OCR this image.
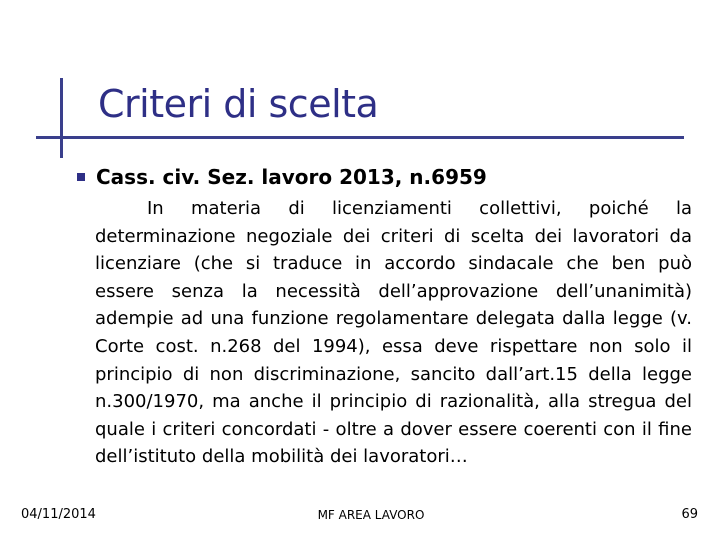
Criteri di scelta
Cass. civ. Sez. lavoro 2013, n.6959
In materia di licenziamenti collettivi, poiché la determinazione negoziale dei criteri di scelta dei lavoratori da licenziare (che si traduce in accordo sindacale che ben può essere senza la necessità dell’approvazione dell’unanimità) adempie ad una funzione regolamentare delegata dalla legge (v. Corte cost. n.268 del 1994), essa deve rispettare non solo il principio di non discriminazione, sancito dall’art.15 della legge n.300/1970, ma anche il principio di razionalità, alla stregua del quale i criteri concordati - oltre a dover essere coerenti con il fine dell’istituto della mobilità dei lavoratori…
04/11/2014	MF AREA LAVORO	69
